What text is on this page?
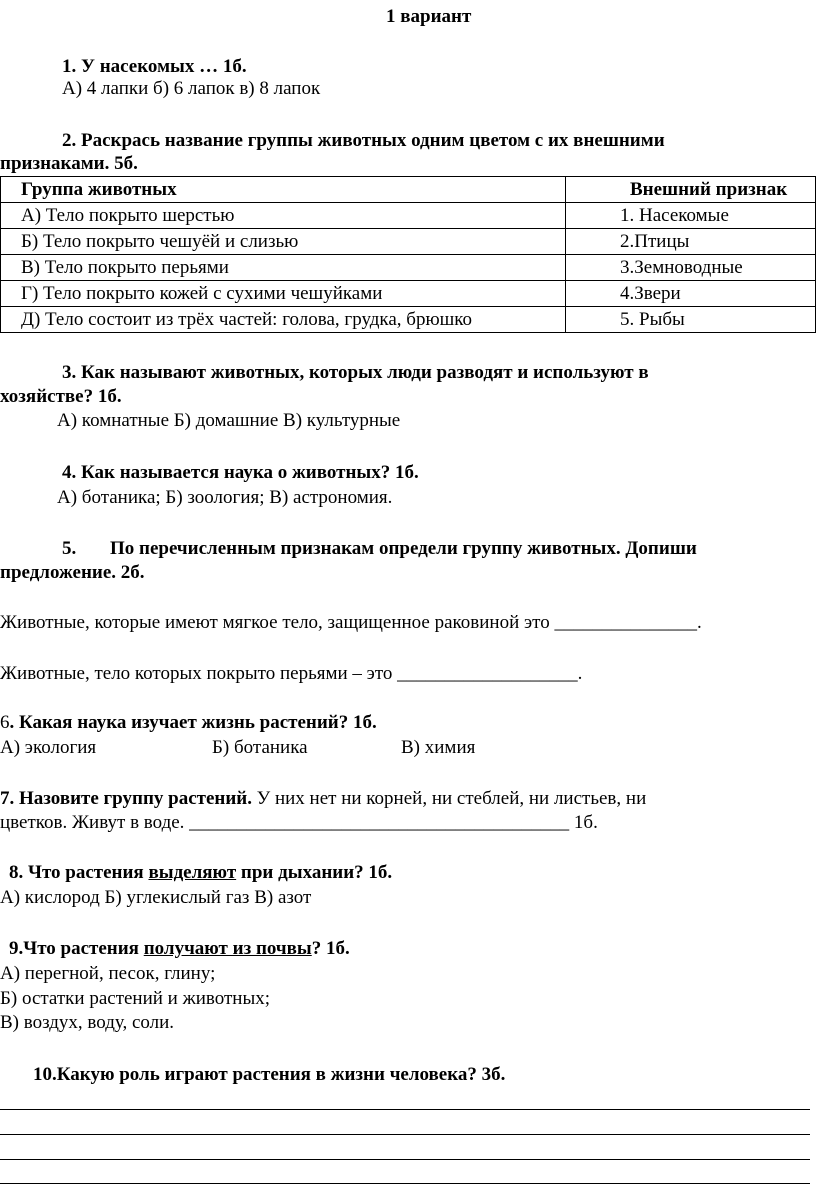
1 вариант
1. У насекомых … 1б.
А) 4 лапки б) 6 лапок в) 8 лапок
2. Раскрась название группы животных одним цветом с их внешними
признаками. 5б.
Группа животных	Внешний признак
А) Тело покрыто шерстью	1. Насекомые
Б) Тело покрыто чешуёй и слизью	2.Птицы
В) Тело покрыто перьями	3.Земноводные
Г) Тело покрыто кожей с сухими чешуйками	4.Звери
Д) Тело состоит из трёх частей: голова, грудка, брюшко	5. Рыбы
3. Как называют животных, которых люди разводят и используют в
хозяйстве? 1б.
А) комнатные Б) домашние В) культурные
4. Как называется наука о животных? 1б.
А) ботаника; Б) зоология; В) астрономия.
5. По перечисленным признакам определи группу животных. Допиши
предложение. 2б.
Животные, которые имеют мягкое тело, защищенное раковиной это _______________.
Животные, тело которых покрыто перьями – это ___________________.
6. Какая наука изучает жизнь растений? 1б.
А) экология	Б) ботаника	В) химия
7. Назовите группу растений. У них нет ни корней, ни стеблей, ни листьев, ни
цветков. Живут в воде. ________________________________________ 1б.
8. Что растения выделяют при дыхании? 1б.
А) кислород Б) углекислый газ В) азот
9.Что растения получают из почвы? 1б.
А) перегной, песок, глину;
Б) остатки растений и животных;
В) воздух, воду, соли.
10.Какую роль играют растения в жизни человека? 3б.
